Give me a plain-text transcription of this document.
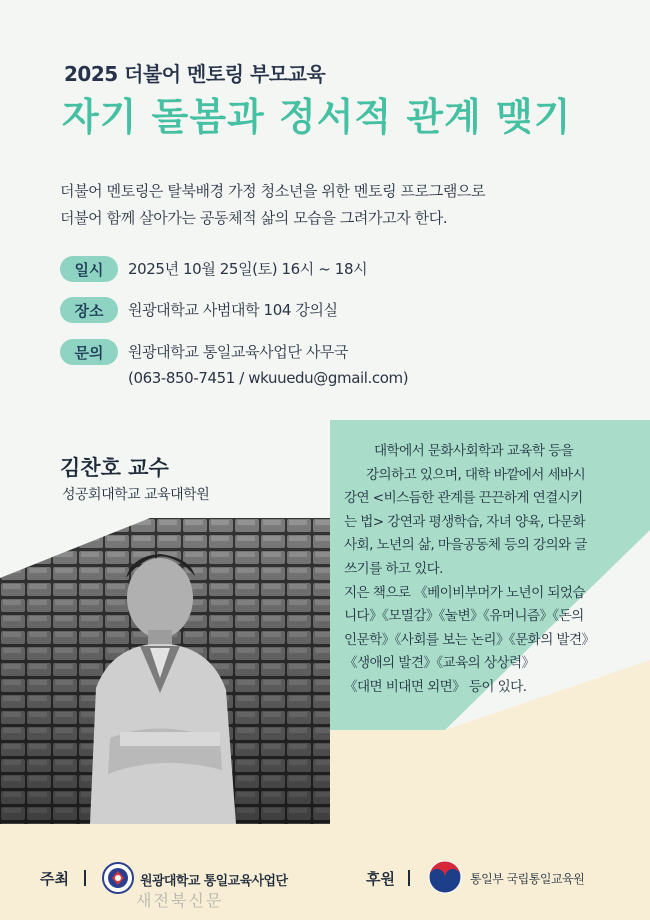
2025 더불어 멘토링 부모교육
자기 돌봄과 정서적 관계 맺기
더불어 멘토링은 탈북배경 가정 청소년을 위한 멘토링 프로그램으로
더불어 함께 살아가는 공동체적 삶의 모습을 그려가고자 한다.
일시	2025년 10월 25일(토) 16시 ~ 18시
장소	원광대학교 사범대학 104 강의실
문의	원광대학교 통일교육사업단 사무국
(063-850-7451 / wkuuedu@gmail.com)
김찬호 교수
성공회대학교 교육대학원

대학에서 문화사회학과 교육학 등을

강의하고 있으며, 대학 바깥에서 세바시

강연 <비스듬한 관계를 끈끈하게 연결시키

는 법> 강연과 평생학습, 자녀 양육, 다문화

사회, 노년의 삶, 마을공동체 등의 강의와 글

쓰기를 하고 있다.

지은 책으로 《베이비부머가 노년이 되었습

니다》《모멸감》《눌변》《유머니즘》《돈의

인문학》《사회를 보는 논리》《문화의 발견》

《생애의 발견》《교육의 상상력》

《대면 비대면 외면》 등이 있다.

주최	원광대학교 통일교육사업단	후원	통일부 국립통일교육원
새전북신문
